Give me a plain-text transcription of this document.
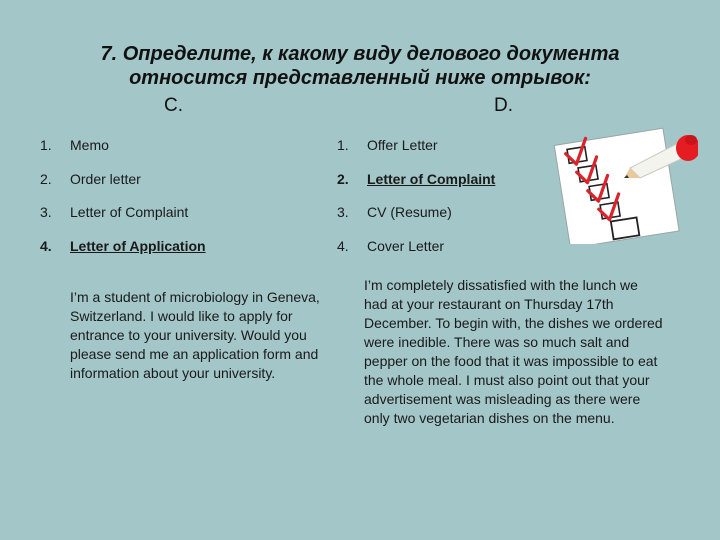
7. Определите, к какому виду делового документа
относится представленный ниже отрывок:
C.	D.
1.	Memo
2.	Order letter
3.	Letter of Complaint
4.	Letter of Application
1.	Offer Letter
2.	Letter of Complaint
3.	CV (Resume)
4.	Cover Letter

I’m a student of microbiology in Geneva, Switzerland. I would like to apply for entrance to your university. Would you please send me an application form and information about your university.

I’m completely dissatisfied with the lunch we had at your restaurant on Thursday 17th December. To begin with, the dishes we ordered were inedible. There was so much salt and pepper on the food that it was impossible to eat the whole meal. I must also point out that your advertisement was misleading as there were only two vegetarian dishes on the menu.
